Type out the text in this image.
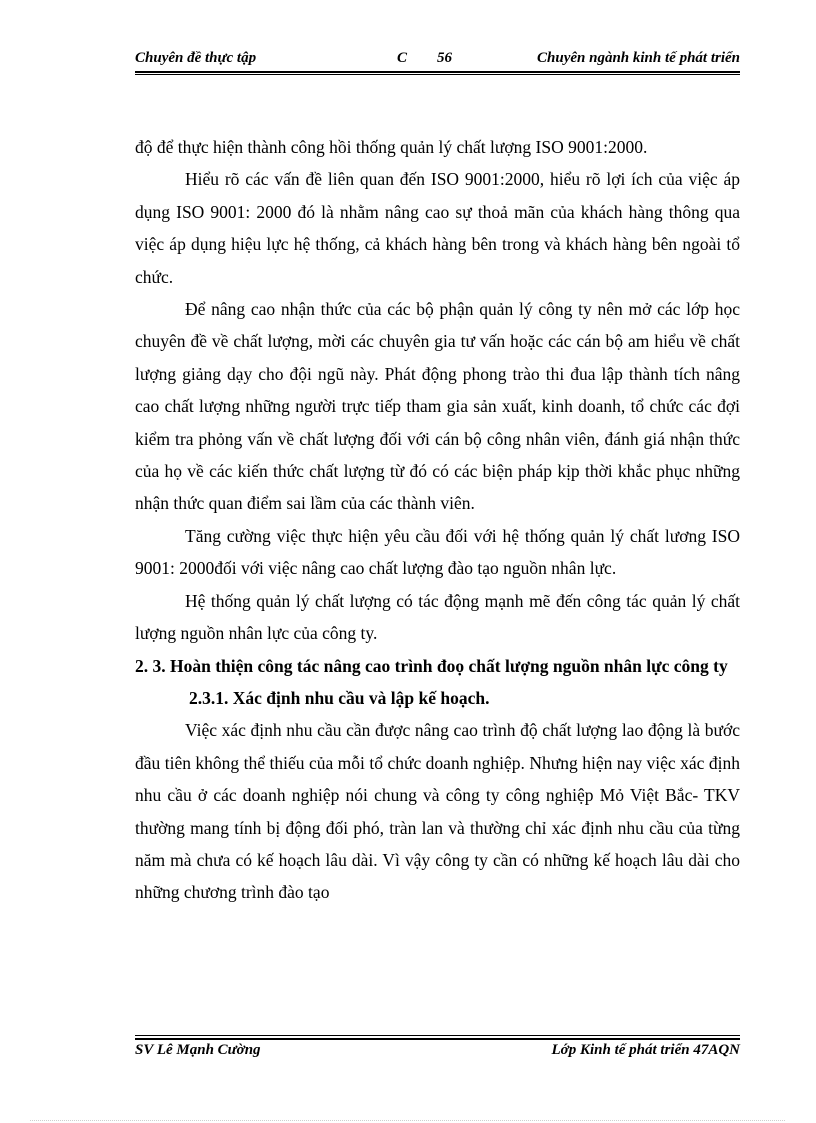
Chuyên đề thực tập	C 56	Chuyên ngành kinh tế phát triển

độ để thực hiện thành công hồi thống quản lý chất lượng ISO 9001:2000.

Hiểu rõ các vấn đề liên quan đến ISO 9001:2000, hiểu rõ lợi ích của việc áp dụng ISO 9001: 2000 đó là nhằm nâng cao sự thoả mãn của khách hàng thông qua việc áp dụng hiệu lực hệ thống, cả khách hàng bên trong và khách hàng bên ngoài tổ chức.

Để nâng cao nhận thức của các bộ phận quản lý công ty nên mở các lớp học chuyên đề về chất lượng, mời các chuyên gia tư vấn hoặc các cán bộ am hiểu về chất lượng giảng dạy cho đội ngũ này. Phát động phong trào thi đua lập thành tích nâng cao chất lượng những người trực tiếp tham gia sản xuất, kinh doanh, tổ chức các đợi kiểm tra phỏng vấn về chất lượng đối với cán bộ công nhân viên, đánh giá nhận thức của họ về các kiến thức chất lượng từ đó có các biện pháp kịp thời khắc phục những nhận thức quan điểm sai lầm của các thành viên.

Tăng cường việc thực hiện yêu cầu đối với hệ thống quản lý chất lương ISO 9001: 2000đối với việc nâng cao chất lượng đào tạo nguồn nhân lực.

Hệ thống quản lý chất lượng có tác động mạnh mẽ đến công tác quản lý chất lượng nguồn nhân lực của công ty.

2. 3. Hoàn thiện công tác nâng cao trình đoọ chất lượng nguồn nhân lực công ty

2.3.1. Xác định nhu cầu và lập kế hoạch.

Việc xác định nhu cầu cần được nâng cao trình độ chất lượng lao động là bước đầu tiên không thể thiếu của mỗi tổ chức doanh nghiệp. Nhưng hiện nay việc xác định nhu cầu ở các doanh nghiệp nói chung và công ty công nghiệp Mỏ Việt Bắc- TKV thường mang tính bị động đối phó, tràn lan và thường chỉ xác định nhu cầu của từng năm mà chưa có kế hoạch lâu dài. Vì vậy công ty cần có những kế hoạch lâu dài cho những chương trình đào tạo

SV Lê Mạnh Cường	Lớp Kinh tế phát triển 47AQN
